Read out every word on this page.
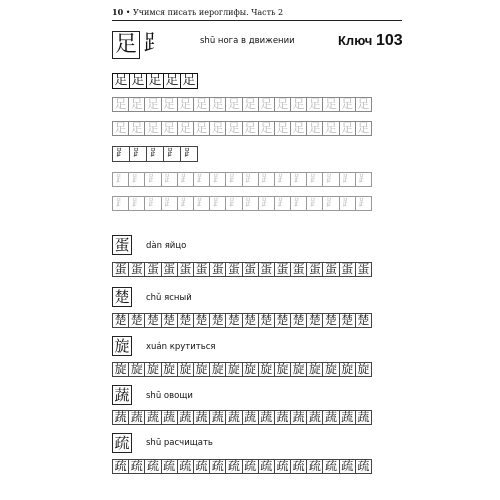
10 • Учимся писать иероглифы. Часть 2
足 ⻊	shū нога в движении	Ключ 103
足 足 足 足 足
足 足 足 足 足 足 足 足 足 足 足 足 足 足 足 足
足 足 足 足 足 足 足 足 足 足 足 足 足 足 足 足
⻊ ⻊ ⻊ ⻊ ⻊
⻊ ⻊ ⻊ ⻊ ⻊ ⻊ ⻊ ⻊ ⻊ ⻊ ⻊ ⻊ ⻊ ⻊ ⻊ ⻊
⻊ ⻊ ⻊ ⻊ ⻊ ⻊ ⻊ ⻊ ⻊ ⻊ ⻊ ⻊ ⻊ ⻊ ⻊ ⻊
蛋 dàn яйцо
蛋 蛋 蛋 蛋 蛋 蛋 蛋 蛋 蛋 蛋 蛋 蛋 蛋 蛋 蛋 蛋
楚 chǔ ясный
楚 楚 楚 楚 楚 楚 楚 楚 楚 楚 楚 楚 楚 楚 楚 楚
旋 xuán крутиться
旋 旋 旋 旋 旋 旋 旋 旋 旋 旋 旋 旋 旋 旋 旋 旋
蔬 shū овощи
蔬 蔬 蔬 蔬 蔬 蔬 蔬 蔬 蔬 蔬 蔬 蔬 蔬 蔬 蔬 蔬
疏 shū расчищать
疏 疏 疏 疏 疏 疏 疏 疏 疏 疏 疏 疏 疏 疏 疏 疏
